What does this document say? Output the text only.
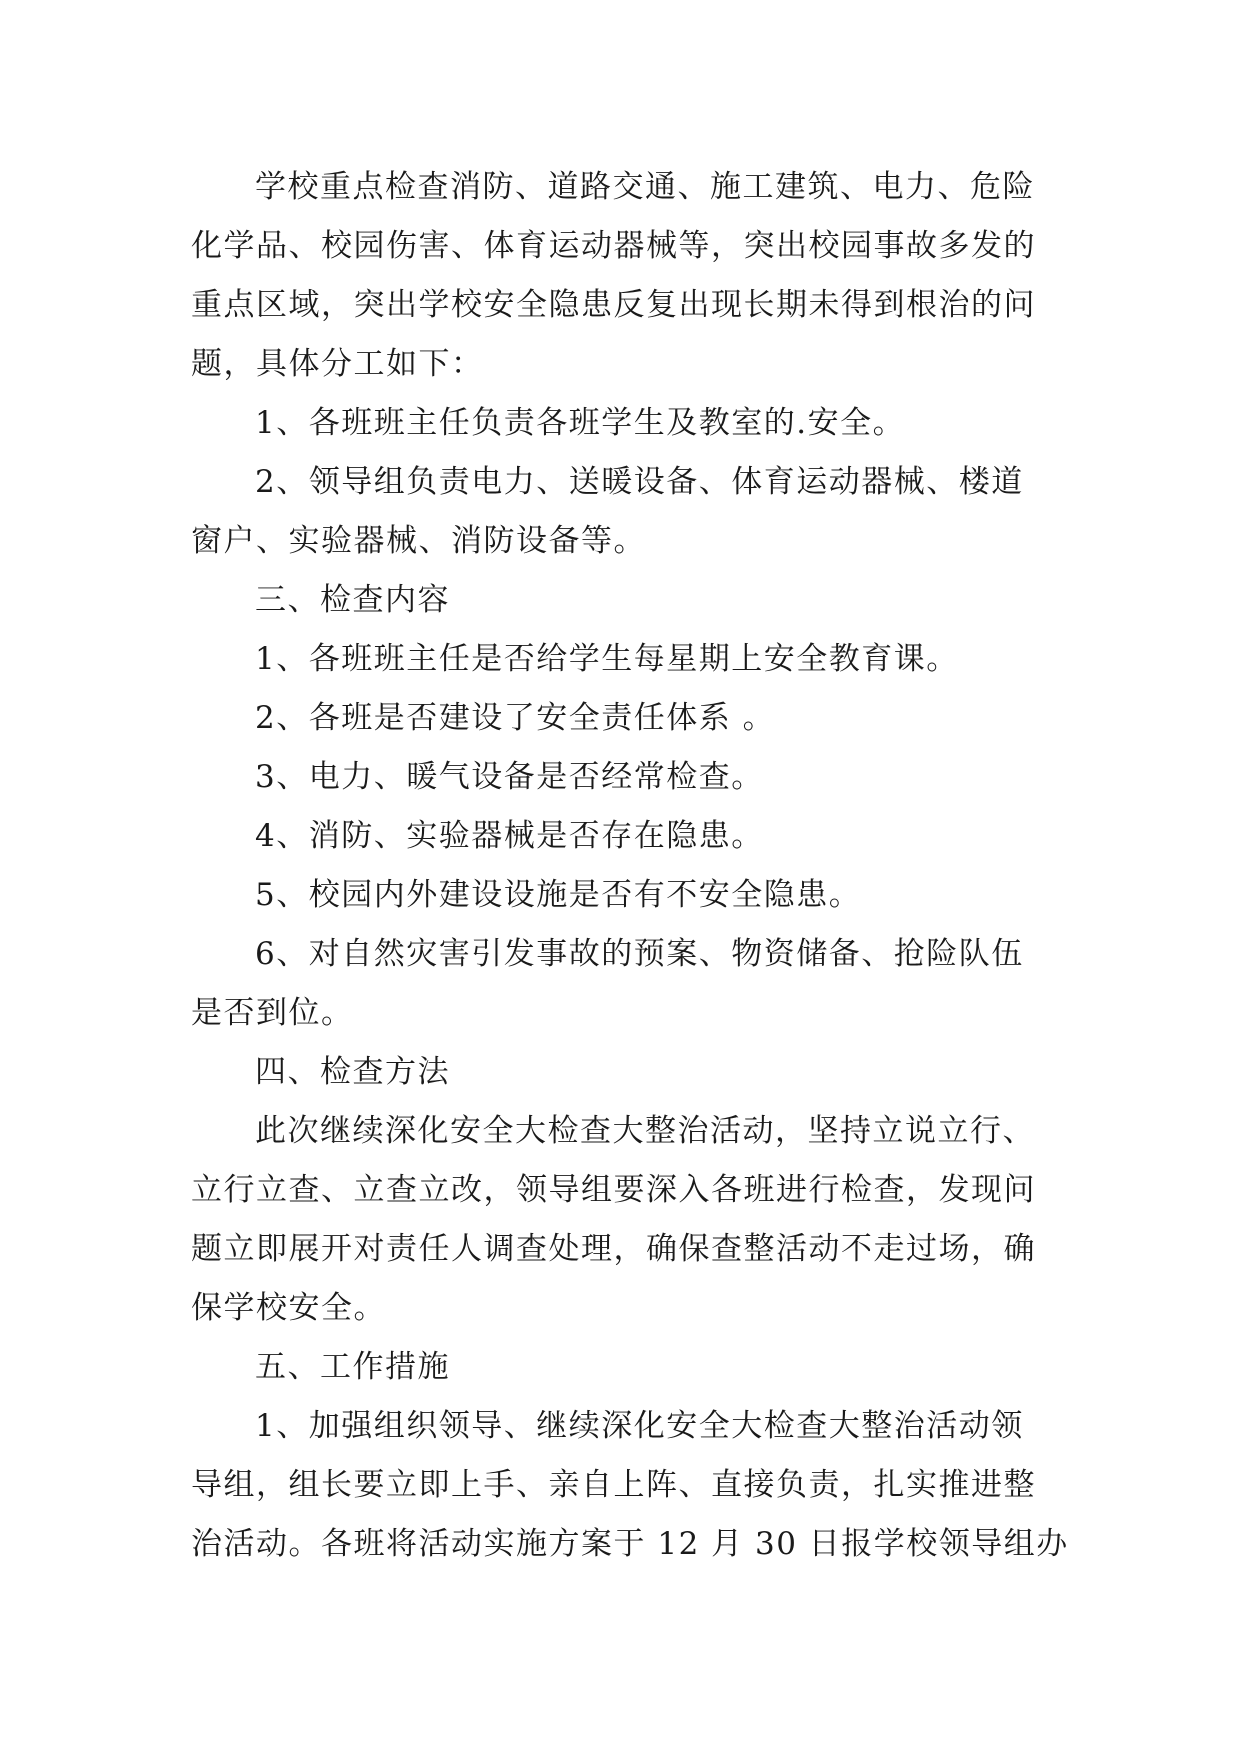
学校重点检查消防、道路交通、施工建筑、电力、危险
化学品、校园伤害、体育运动器械等，突出校园事故多发的
重点区域，突出学校安全隐患反复出现长期未得到根治的问
题，具体分工如下：
1、各班班主任负责各班学生及教室的.安全。
2、领导组负责电力、送暖设备、体育运动器械、楼道
窗户、实验器械、消防设备等。
三、检查内容
1、各班班主任是否给学生每星期上安全教育课。
2、各班是否建设了安全责任体系 。
3、电力、暖气设备是否经常检查。
4、消防、实验器械是否存在隐患。
5、校园内外建设设施是否有不安全隐患。
6、对自然灾害引发事故的预案、物资储备、抢险队伍
是否到位。
四、检查方法
此次继续深化安全大检查大整治活动，坚持立说立行、
立行立查、立查立改，领导组要深入各班进行检查，发现问
题立即展开对责任人调查处理，确保查整活动不走过场，确
保学校安全。
五、工作措施
1、加强组织领导、继续深化安全大检查大整治活动领
导组，组长要立即上手、亲自上阵、直接负责，扎实推进整
治活动。各班将活动实施方案于 12 月 30 日报学校领导组办
